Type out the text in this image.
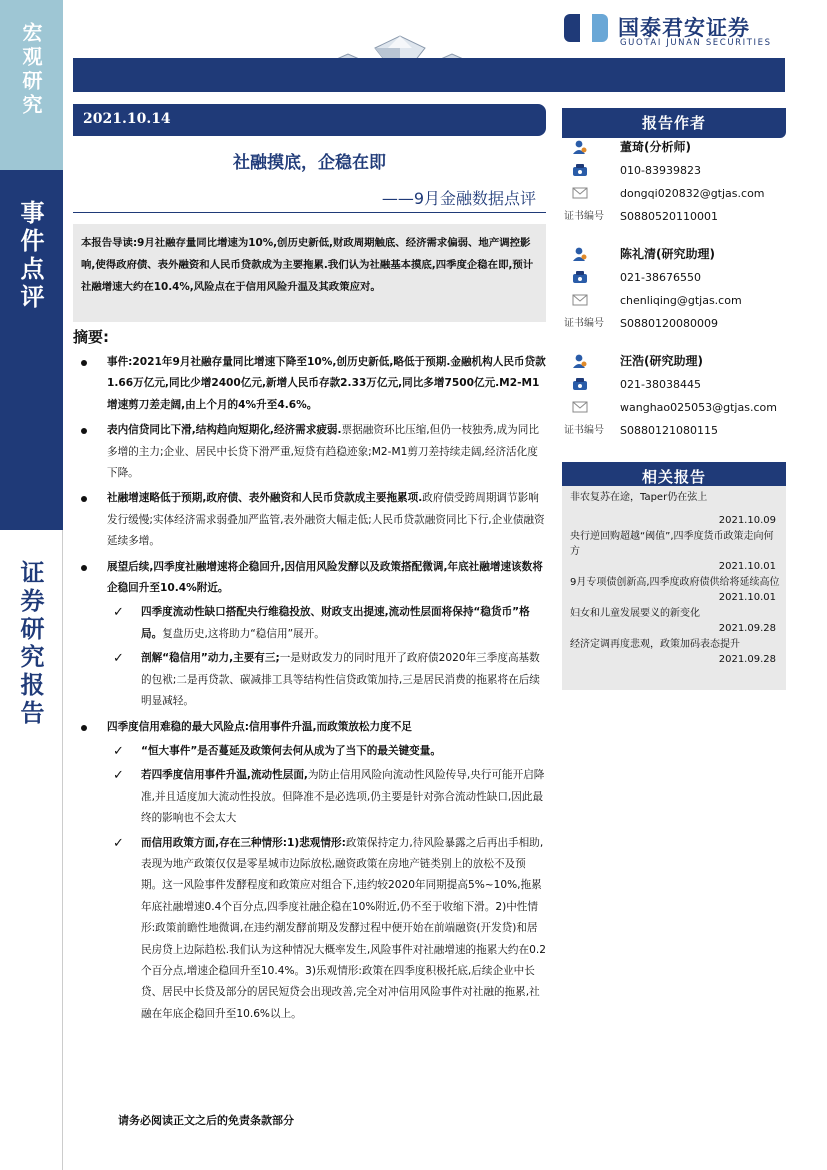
宏观研究
事件点评
证券研究报告
国泰君安证券
GUOTAI JUNAN SECURITIES
2021.10.14
社融摸底，企稳在即
——9月金融数据点评
本报告导读:9月社融存量同比增速为10%,创历史新低,财政周期触底、经济需求偏弱、地产调控影响,使得政府债、表外融资和人民币贷款成为主要拖累.我们认为社融基本摸底,四季度企稳在即,预计社融增速大约在10.4%,风险点在于信用风险升温及其政策应对。
摘要:
事件:2021年9月社融存量同比增速下降至10%,创历史新低,略低于预期.金融机构人民币贷款1.66万亿元,同比少增2400亿元,新增人民币存款2.33万亿元,同比多增7500亿元.M2-M1增速剪刀差走阔,由上个月的4%升至4.6%。
表内信贷同比下滑,结构趋向短期化,经济需求疲弱.票据融资环比压缩,但仍一枝独秀,成为同比多增的主力;企业、居民中长贷下滑严重,短贷有趋稳迹象;M2-M1剪刀差持续走阔,经济活化度下降。
社融增速略低于预期,政府债、表外融资和人民币贷款成主要拖累项.政府债受跨周期调节影响发行缓慢;实体经济需求弱叠加严监管,表外融资大幅走低;人民币贷款融资同比下行,企业债融资延续多增。
展望后续,四季度社融增速将企稳回升,因信用风险发酵以及政策搭配微调,年底社融增速该数将企稳回升至10.4%附近。
✓ 四季度流动性缺口搭配央行维稳投放、财政支出提速,流动性层面将保持“稳货币”格局。复盘历史,这将助力“稳信用”展开。
✓ 剖解“稳信用”动力,主要有三;一是财政发力的同时甩开了政府债2020年三季度高基数的包袱;二是再贷款、碳减排工具等结构性信贷政策加持,三是居民消费的拖累将在后续明显减轻。
四季度信用难稳的最大风险点:信用事件升温,而政策放松力度不足
✓ “恒大事件”是否蔓延及政策何去何从成为了当下的最关键变量。
✓ 若四季度信用事件升温,流动性层面,为防止信用风险向流动性风险传导,央行可能开启降准,并且适度加大流动性投放。但降准不是必选项,仍主要是针对弥合流动性缺口,因此最终的影响也不会太大
✓ 而信用政策方面,存在三种情形:1)悲观情形:政策保持定力,待风险暴露之后再出手相助,表现为地产政策仅仅是零星城市边际放松,融资政策在房地产链类别上的放松不及预期。这一风险事件发酵程度和政策应对组合下,违约较2020年同期提高5%~10%,拖累年底社融增速0.4个百分点,四季度社融企稳在10%附近,仍不至于收缩下滑。2)中性情形:政策前瞻性地微调,在违约潮发酵前期及发酵过程中便开始在前端融资(开发贷)和居民房贷上边际趋松.我们认为这种情况大概率发生,风险事件对社融增速的拖累大约在0.2个百分点,增速企稳回升至10.4%。3)乐观情形:政策在四季度积极托底,后续企业中长贷、居民中长贷及部分的居民短贷会出现改善,完全对冲信用风险事件对社融的拖累,社融在年底企稳回升至10.6%以上。
请务必阅读正文之后的免责条款部分
报告作者
董琦(分析师)
010-83939823
dongqi020832@gtjas.com
证书编号 S0880520110001
陈礼清(研究助理)
021-38676550
chenliqing@gtjas.com
证书编号 S0880120080009
汪浩(研究助理)
021-38038445
wanghao025053@gtjas.com
证书编号 S0880121080115
相关报告
非农复苏在途，Taper仍在弦上
2021.10.09
央行逆回购超越“阈值”,四季度货币政策走向何方
2021.10.01
9月专项债创新高,四季度政府债供给将延续高位
2021.10.01
妇女和儿童发展要义的新变化
2021.09.28
经济定调再度悲观，政策加码表态提升
2021.09.28
